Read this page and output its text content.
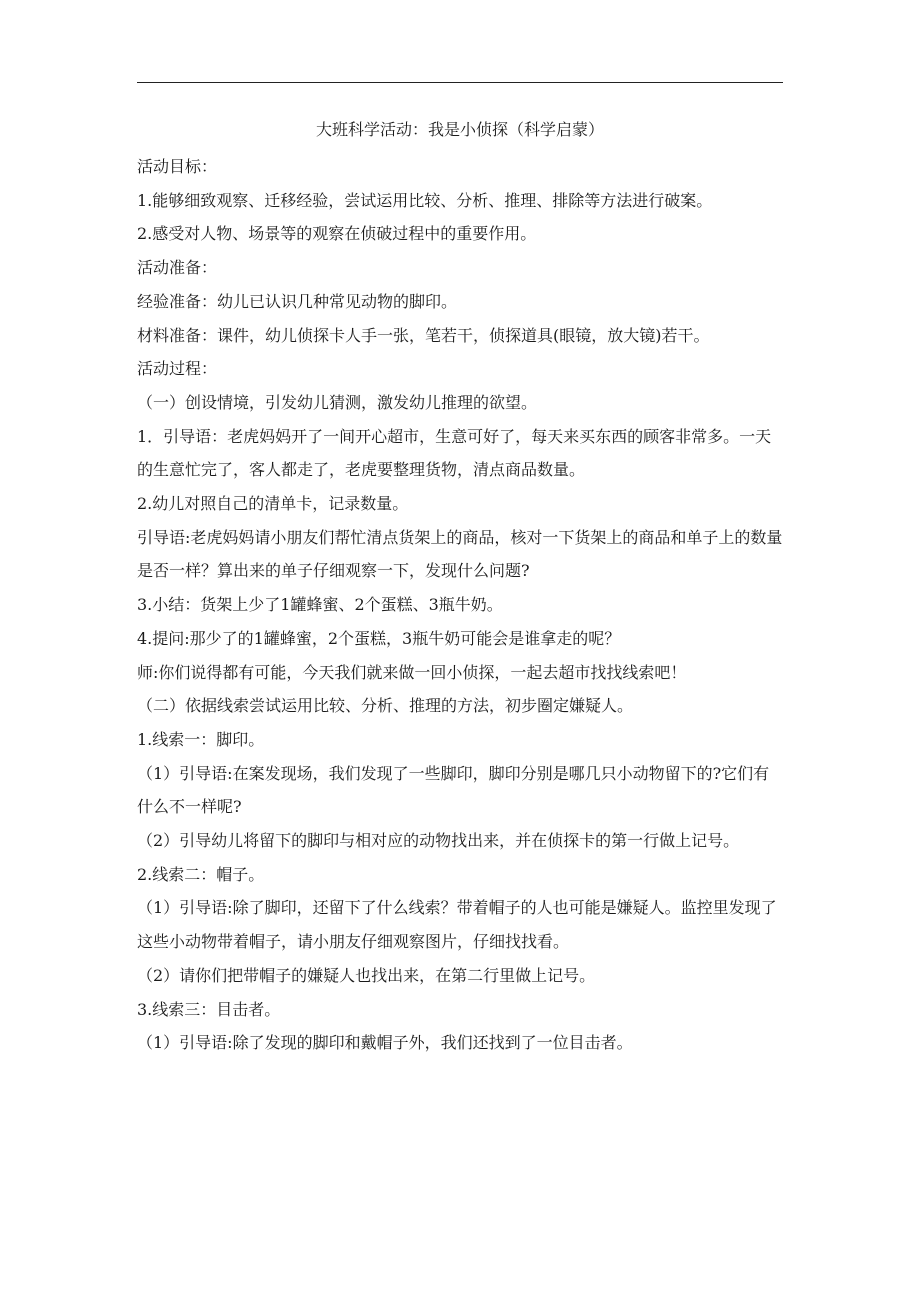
大班科学活动：我是小侦探（科学启蒙）

活动目标：

1.能够细致观察、迁移经验，尝试运用比较、分析、推理、排除等方法进行破案。

2.感受对人物、场景等的观察在侦破过程中的重要作用。

活动准备：

经验准备：幼儿已认识几种常见动物的脚印。

材料准备：课件，幼儿侦探卡人手一张，笔若干，侦探道具(眼镜，放大镜)若干。

活动过程：

（一）创设情境，引发幼儿猜测，激发幼儿推理的欲望。

1．引导语：老虎妈妈开了一间开心超市，生意可好了，每天来买东西的顾客非常多。一天的生意忙完了，客人都走了，老虎要整理货物，清点商品数量。

2.幼儿对照自己的清单卡，记录数量。

引导语:老虎妈妈请小朋友们帮忙清点货架上的商品，核对一下货架上的商品和单子上的数量是否一样？算出来的单子仔细观察一下，发现什么问题?

3.小结：货架上少了1罐蜂蜜、2个蛋糕、3瓶牛奶。

4.提问:那少了的1罐蜂蜜，2个蛋糕，3瓶牛奶可能会是谁拿走的呢？

师:你们说得都有可能，今天我们就来做一回小侦探，一起去超市找找线索吧！

（二）依据线索尝试运用比较、分析、推理的方法，初步圈定嫌疑人。

1.线索一：脚印。

（1）引导语:在案发现场，我们发现了一些脚印，脚印分别是哪几只小动物留下的?它们有什么不一样呢?

（2）引导幼儿将留下的脚印与相对应的动物找出来，并在侦探卡的第一行做上记号。

2.线索二：帽子。

（1）引导语:除了脚印，还留下了什么线索？带着帽子的人也可能是嫌疑人。监控里发现了这些小动物带着帽子，请小朋友仔细观察图片，仔细找找看。

（2）请你们把带帽子的嫌疑人也找出来，在第二行里做上记号。

3.线索三：目击者。

（1）引导语:除了发现的脚印和戴帽子外，我们还找到了一位目击者。
